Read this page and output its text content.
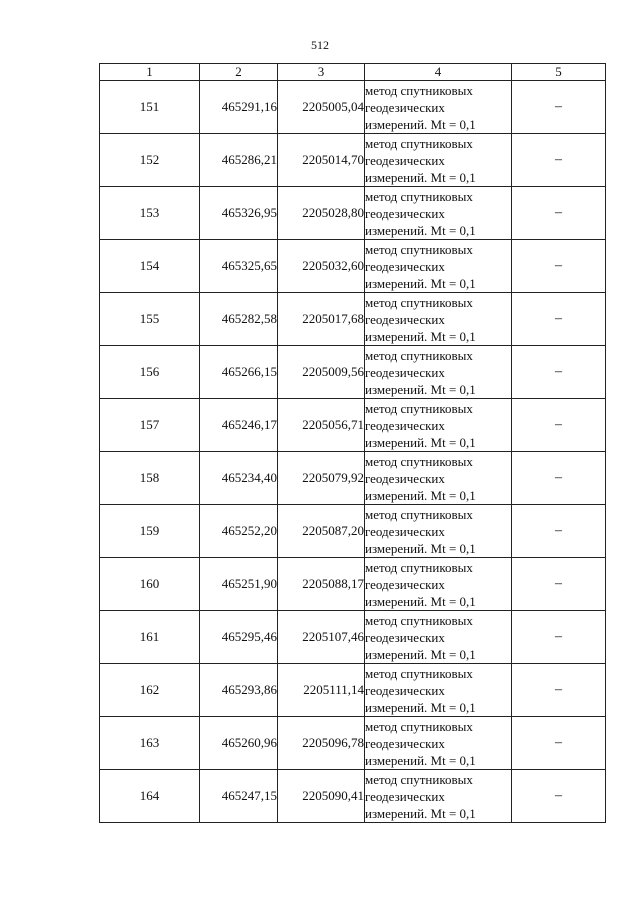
512
1	2	3	4	5
151	465291,16	2205005,04	метод спутниковых
геодезических
измерений. Mt = 0,1	–
152	465286,21	2205014,70	метод спутниковых
геодезических
измерений. Mt = 0,1	–
153	465326,95	2205028,80	метод спутниковых
геодезических
измерений. Mt = 0,1	–
154	465325,65	2205032,60	метод спутниковых
геодезических
измерений. Mt = 0,1	–
155	465282,58	2205017,68	метод спутниковых
геодезических
измерений. Mt = 0,1	–
156	465266,15	2205009,56	метод спутниковых
геодезических
измерений. Mt = 0,1	–
157	465246,17	2205056,71	метод спутниковых
геодезических
измерений. Mt = 0,1	–
158	465234,40	2205079,92	метод спутниковых
геодезических
измерений. Mt = 0,1	–
159	465252,20	2205087,20	метод спутниковых
геодезических
измерений. Mt = 0,1	–
160	465251,90	2205088,17	метод спутниковых
геодезических
измерений. Mt = 0,1	–
161	465295,46	2205107,46	метод спутниковых
геодезических
измерений. Mt = 0,1	–
162	465293,86	2205111,14	метод спутниковых
геодезических
измерений. Mt = 0,1	–
163	465260,96	2205096,78	метод спутниковых
геодезических
измерений. Mt = 0,1	–
164	465247,15	2205090,41	метод спутниковых
геодезических
измерений. Mt = 0,1	–
